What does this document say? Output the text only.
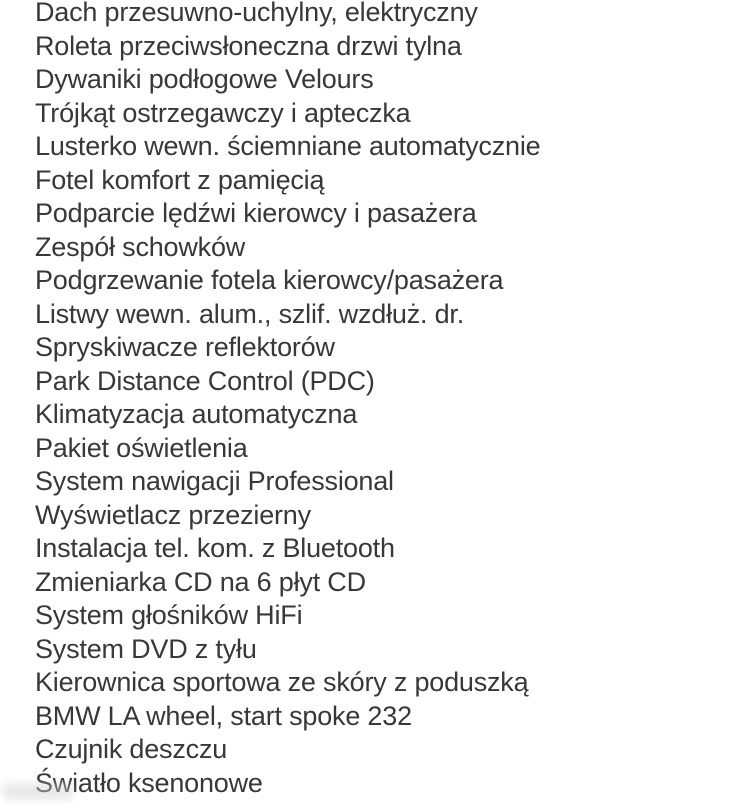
Dach przesuwno-uchylny, elektryczny
Roleta przeciwsłoneczna drzwi tylna
Dywaniki podłogowe Velours
Trójkąt ostrzegawczy i apteczka
Lusterko wewn. ściemniane automatycznie
Fotel komfort z pamięcią
Podparcie lędźwi kierowcy i pasażera
Zespół schowków
Podgrzewanie fotela kierowcy/pasażera
Listwy wewn. alum., szlif. wzdłuż. dr.
Spryskiwacze reflektorów
Park Distance Control (PDC)
Klimatyzacja automatyczna
Pakiet oświetlenia
System nawigacji Professional
Wyświetlacz przezierny
Instalacja tel. kom. z Bluetooth
Zmieniarka CD na 6 płyt CD
System głośników HiFi
System DVD z tyłu
Kierownica sportowa ze skóry z poduszką
BMW LA wheel, start spoke 232
Czujnik deszczu
Światło ksenonowe
